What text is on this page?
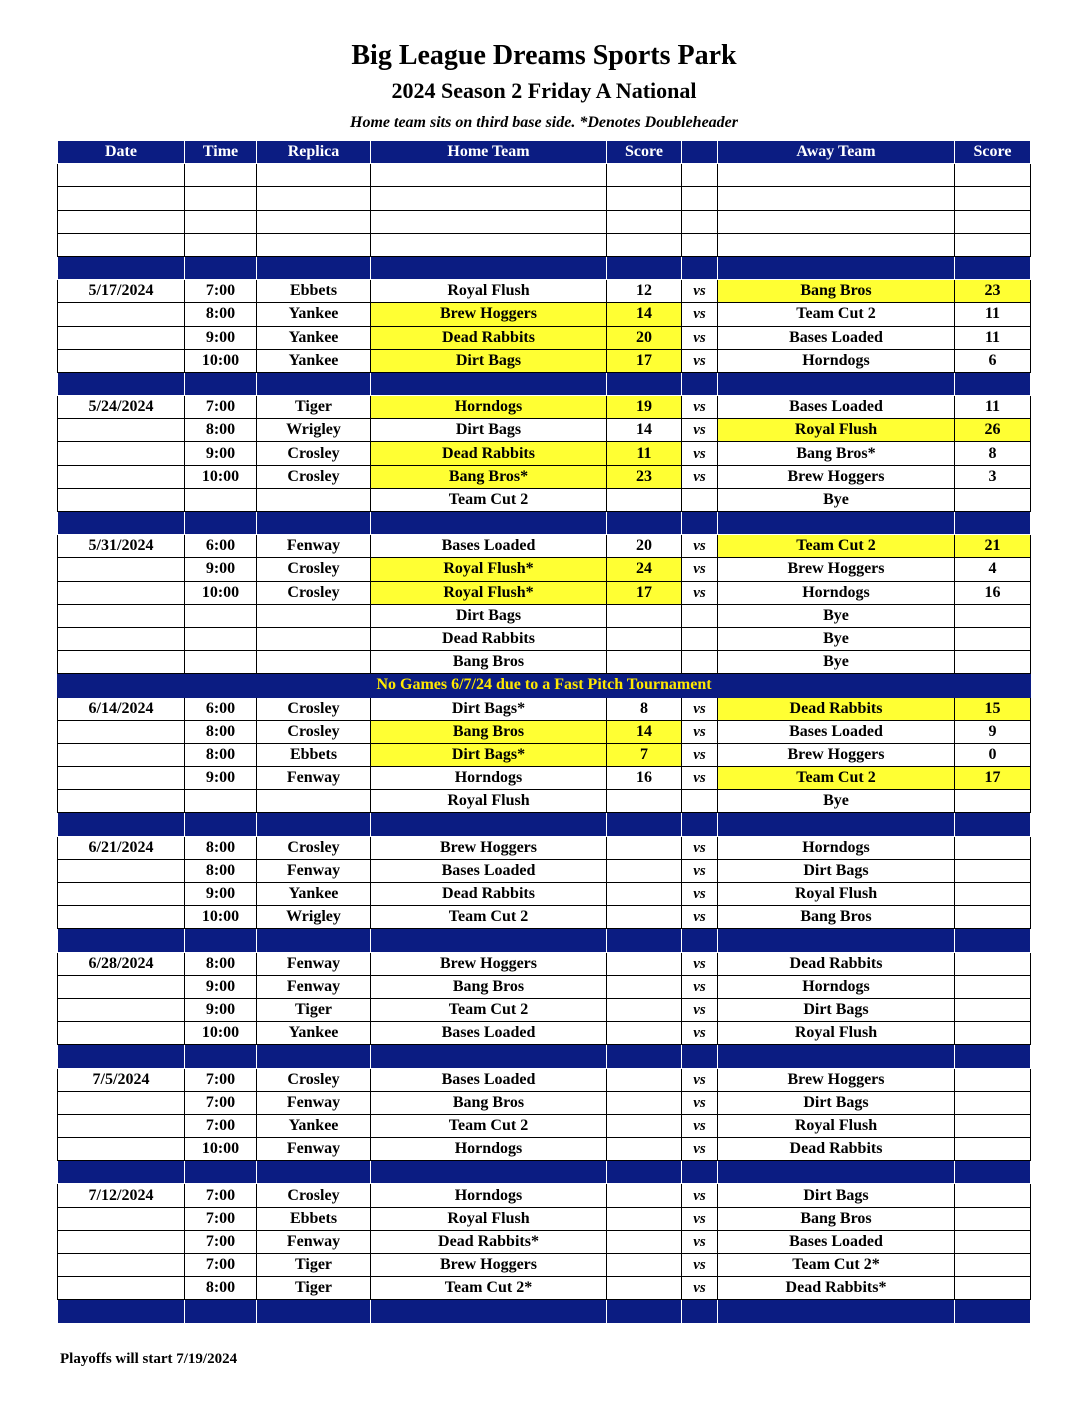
Big League Dreams Sports Park
2024 Season 2 Friday A National
Home team sits on third base side. *Denotes Doubleheader
Date	Time	Replica	Home Team	Score		Away Team	Score

5/17/2024	7:00	Ebbets	Royal Flush	12	vs	Bang Bros	23
	8:00	Yankee	Brew Hoggers	14	vs	Team Cut 2	11
	9:00	Yankee	Dead Rabbits	20	vs	Bases Loaded	11
	10:00	Yankee	Dirt Bags	17	vs	Horndogs	6

5/24/2024	7:00	Tiger	Horndogs	19	vs	Bases Loaded	11
	8:00	Wrigley	Dirt Bags	14	vs	Royal Flush	26
	9:00	Crosley	Dead Rabbits	11	vs	Bang Bros*	8
	10:00	Crosley	Bang Bros*	23	vs	Brew Hoggers	3
			Team Cut 2			Bye	

5/31/2024	6:00	Fenway	Bases Loaded	20	vs	Team Cut 2	21
	9:00	Crosley	Royal Flush*	24	vs	Brew Hoggers	4
	10:00	Crosley	Royal Flush*	17	vs	Horndogs	16
			Dirt Bags			Bye	
			Dead Rabbits			Bye	
			Bang Bros			Bye	
No Games 6/7/24 due to a Fast Pitch Tournament							
6/14/2024	6:00	Crosley	Dirt Bags*	8	vs	Dead Rabbits	15
	8:00	Crosley	Bang Bros	14	vs	Bases Loaded	9
	8:00	Ebbets	Dirt Bags*	7	vs	Brew Hoggers	0
	9:00	Fenway	Horndogs	16	vs	Team Cut 2	17
			Royal Flush			Bye	

6/21/2024	8:00	Crosley	Brew Hoggers		vs	Horndogs	
	8:00	Fenway	Bases Loaded		vs	Dirt Bags	
	9:00	Yankee	Dead Rabbits		vs	Royal Flush	
	10:00	Wrigley	Team Cut 2		vs	Bang Bros	

6/28/2024	8:00	Fenway	Brew Hoggers		vs	Dead Rabbits	
	9:00	Fenway	Bang Bros		vs	Horndogs	
	9:00	Tiger	Team Cut 2		vs	Dirt Bags	
	10:00	Yankee	Bases Loaded		vs	Royal Flush	

7/5/2024	7:00	Crosley	Bases Loaded		vs	Brew Hoggers	
	7:00	Fenway	Bang Bros		vs	Dirt Bags	
	7:00	Yankee	Team Cut 2		vs	Royal Flush	
	10:00	Fenway	Horndogs		vs	Dead Rabbits	

7/12/2024	7:00	Crosley	Horndogs		vs	Dirt Bags	
	7:00	Ebbets	Royal Flush		vs	Bang Bros	
	7:00	Fenway	Dead Rabbits*		vs	Bases Loaded	
	7:00	Tiger	Brew Hoggers		vs	Team Cut 2*	
	8:00	Tiger	Team Cut 2*		vs	Dead Rabbits*	

Playoffs will start 7/19/2024
